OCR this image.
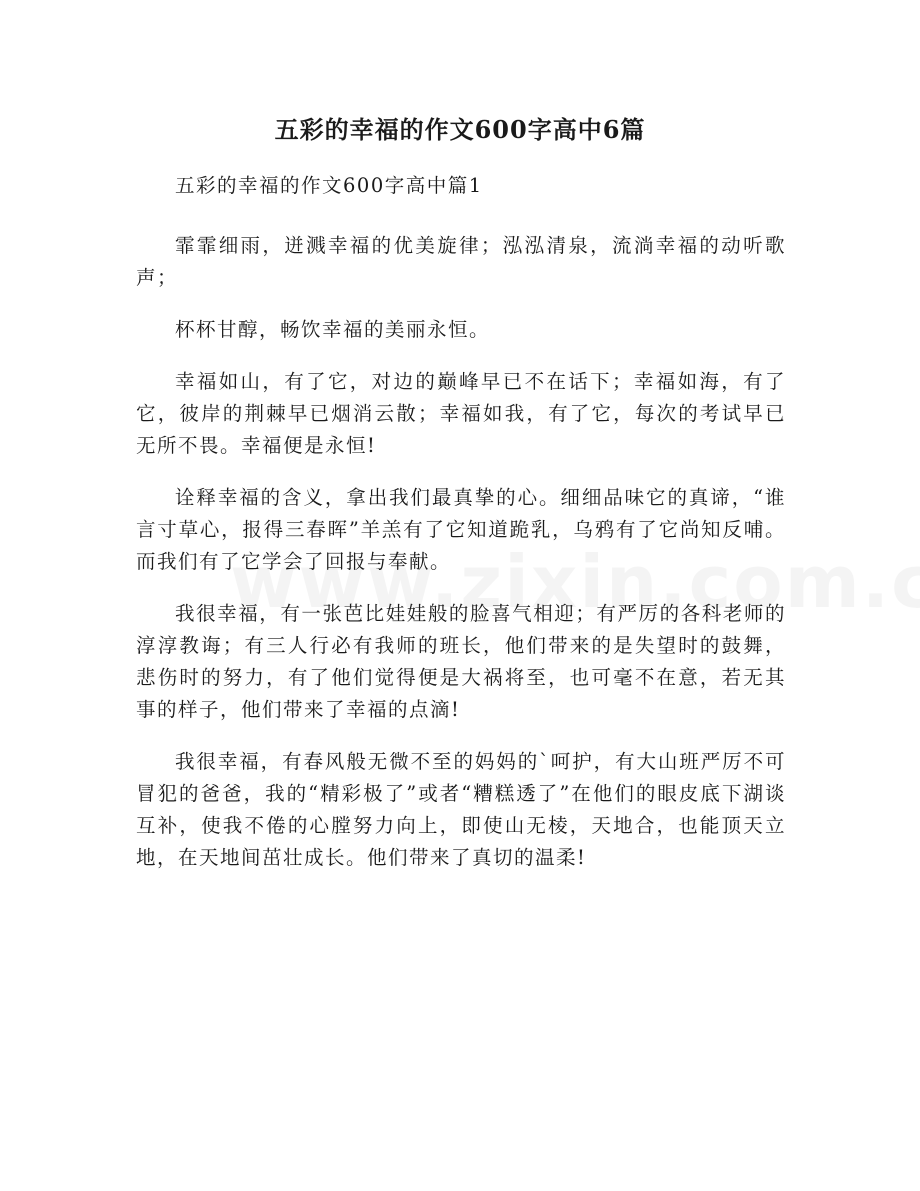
五彩的幸福的作文600字高中6篇

五彩的幸福的作文600字高中篇1

霏霏细雨，迸溅幸福的优美旋律；泓泓清泉，流淌幸福的动听歌声；

杯杯甘醇，畅饮幸福的美丽永恒。

幸福如山，有了它，对边的巅峰早已不在话下；幸福如海，有了它，彼岸的荆棘早已烟消云散；幸福如我，有了它，每次的考试早已无所不畏。幸福便是永恒!

诠释幸福的含义，拿出我们最真挚的心。细细品味它的真谛，“谁言寸草心，报得三春晖”羊羔有了它知道跪乳，乌鸦有了它尚知反哺。而我们有了它学会了回报与奉献。

我很幸福，有一张芭比娃娃般的脸喜气相迎；有严厉的各科老师的淳淳教诲；有三人行必有我师的班长，他们带来的是失望时的鼓舞，悲伤时的努力，有了他们觉得便是大祸将至，也可毫不在意，若无其事的样子，他们带来了幸福的点滴!

我很幸福，有春风般无微不至的妈妈的`呵护，有大山班严厉不可冒犯的爸爸，我的“精彩极了”或者“糟糕透了”在他们的眼皮底下湖谈互补，使我不倦的心膛努力向上，即使山无棱，天地合，也能顶天立地，在天地间茁壮成长。他们带来了真切的温柔!
